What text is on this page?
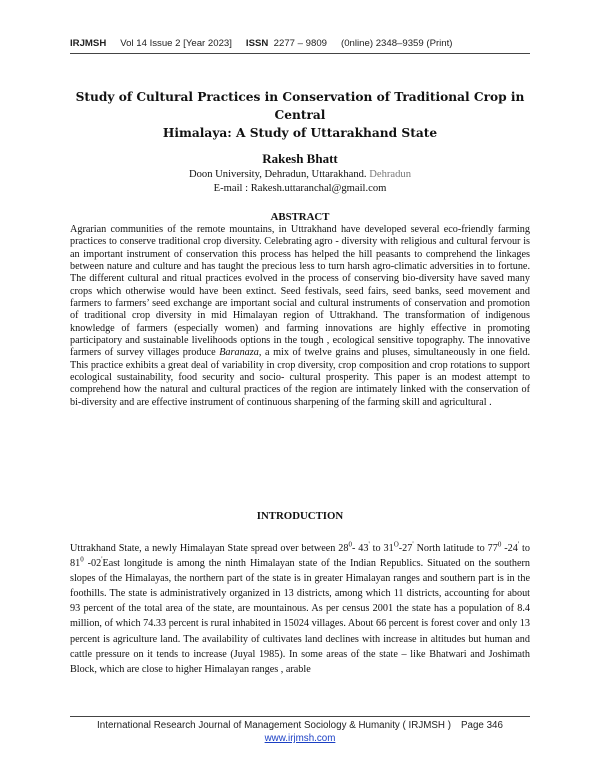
IRJMSH Vol 14 Issue 2 [Year 2023] ISSN 2277 – 9809 (0nline) 2348–9359 (Print)
Study of Cultural Practices in Conservation of Traditional Crop in Central
Himalaya: A Study of Uttarakhand State
Rakesh Bhatt
Doon University, Dehradun, Uttarakhand. Dehradun
E-mail : Rakesh.uttaranchal@gmail.com
ABSTRACT

Agrarian communities of the remote mountains, in Uttrakhand have developed several eco-friendly farming practices to conserve traditional crop diversity. Celebrating agro - diversity with religious and cultural fervour is an important instrument of conservation this process has helped the hill peasants to comprehend the linkages between nature and culture and has taught the precious less to turn harsh agro-climatic adversities in to fortune. The different cultural and ritual practices evolved in the process of conserving bio-diversity have saved many crops which otherwise would have been extinct. Seed festivals, seed fairs, seed banks, seed movement and farmers to farmers’ seed exchange are important social and cultural instruments of conservation and promotion of traditional crop diversity in mid Himalayan region of Uttrakhand. The transformation of indigenous knowledge of farmers (especially women) and farming innovations are highly effective in promoting participatory and sustainable livelihoods options in the tough , ecological sensitive topography. The innovative farmers of survey villages produce Baranaza, a mix of twelve grains and pluses, simultaneously in one field. This practice exhibits a great deal of variability in crop diversity, crop composition and crop rotations to support ecological sustainability, food security and socio- cultural prosperity. This paper is an modest attempt to comprehend how the natural and cultural practices of the region are intimately linked with the conservation of bi-diversity and are effective instrument of continuous sharpening of the farming skill and agricultural .

INTRODUCTION

Uttrakhand State, a newly Himalayan State spread over between $28^0-$ 43' to $31^O-27'$ North latitude to $77^0$ -24' to $81^0$ -02'East longitude is among the ninth Himalayan state of the Indian Republics. Situated on the southern slopes of the Himalayas, the northern part of the state is in greater Himalayan ranges and southern part is in the foothills. The state is administratively organized in 13 districts, among which 11 districts, accounting for about 93 percent of the total area of the state, are mountainous. As per census 2001 the state has a population of 8.4 million, of which 74.33 percent is rural inhabited in 15024 villages. About 66 percent is forest cover and only 13 percent is agriculture land. The availability of cultivates land declines with increase in altitudes but human and cattle pressure on it tends to increase (Juyal 1985). In some areas of the state – like Bhatwari and Joshimath Block, which are close to higher Himalayan ranges , arable

International Research Journal of Management Sociology & Humanity ( IRJMSH ) Page 346
www.irjmsh.com
